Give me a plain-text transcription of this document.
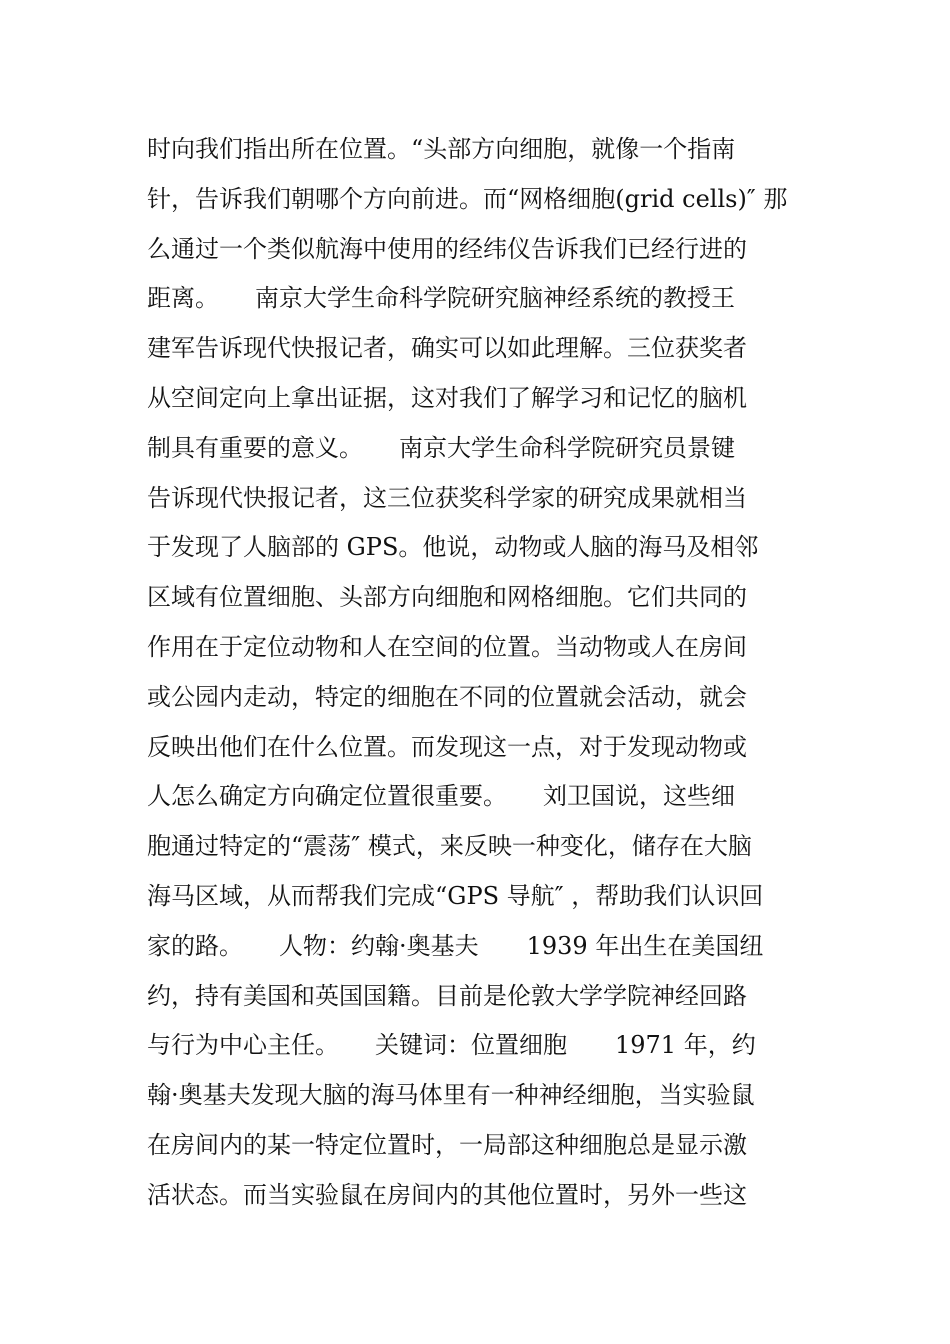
时向我们指出所在位置。“头部方向细胞，就像一个指南
针，告诉我们朝哪个方向前进。而“网格细胞(grid cells)″ 那
么通过一个类似航海中使用的经纬仪告诉我们已经行进的
距离。　　南京大学生命科学院研究脑神经系统的教授王
建军告诉现代快报记者，确实可以如此理解。三位获奖者
从空间定向上拿出证据，这对我们了解学习和记忆的脑机
制具有重要的意义。　　南京大学生命科学院研究员景键
告诉现代快报记者，这三位获奖科学家的研究成果就相当
于发现了人脑部的 GPS。他说，动物或人脑的海马及相邻
区域有位置细胞、头部方向细胞和网格细胞。它们共同的
作用在于定位动物和人在空间的位置。当动物或人在房间
或公园内走动，特定的细胞在不同的位置就会活动，就会
反映出他们在什么位置。而发现这一点，对于发现动物或
人怎么确定方向确定位置很重要。　　刘卫国说，这些细
胞通过特定的“震荡″ 模式，来反映一种变化，储存在大脑
海马区域，从而帮我们完成“GPS 导航″ ，帮助我们认识回
家的路。　　人物：约翰·奥基夫　　1939 年出生在美国纽
约，持有美国和英国国籍。目前是伦敦大学学院神经回路
与行为中心主任。　　关键词：位置细胞　　1971 年，约
翰·奥基夫发现大脑的海马体里有一种神经细胞，当实验鼠
在房间内的某一特定位置时，一局部这种细胞总是显示激
活状态。而当实验鼠在房间内的其他位置时，另外一些这
